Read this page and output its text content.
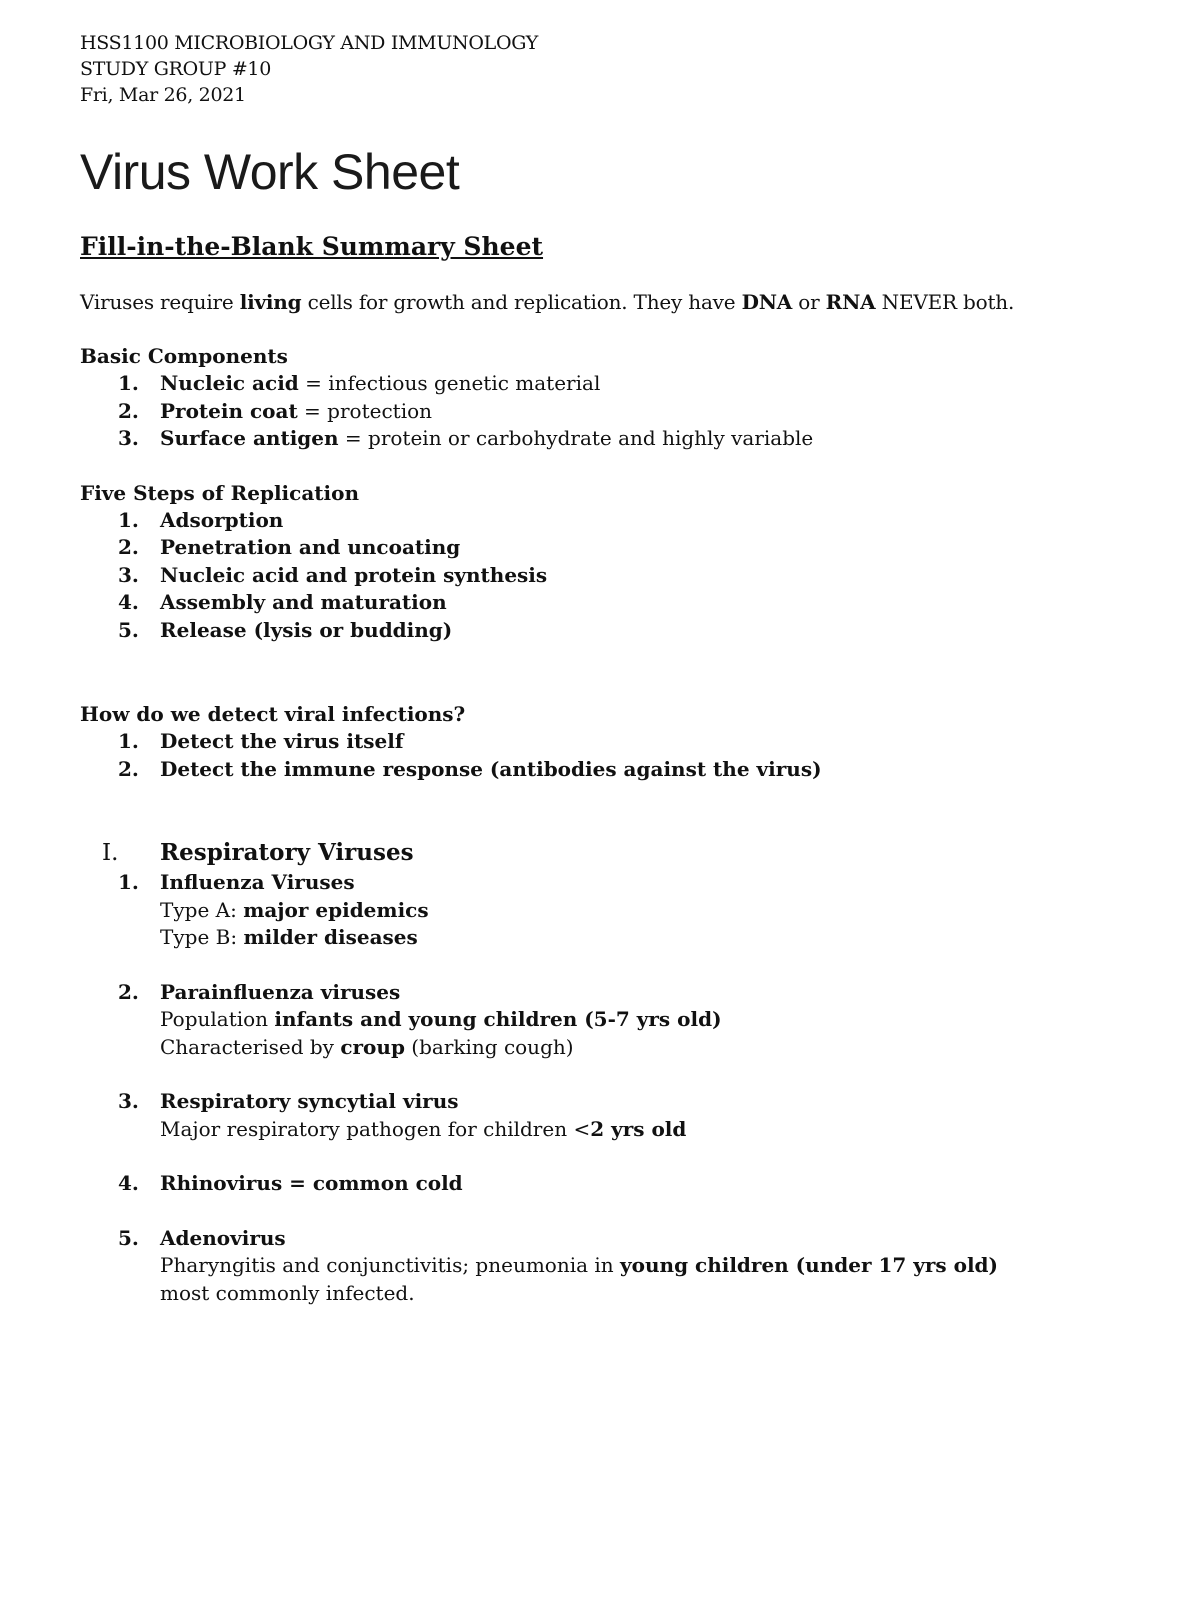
HSS1100 MICROBIOLOGY AND IMMUNOLOGY
STUDY GROUP #10
Fri, Mar 26, 2021
Virus Work Sheet
Fill-in-the-Blank Summary Sheet
Viruses require living cells for growth and replication. They have DNA or RNA NEVER both.
Basic Components
1. Nucleic acid = infectious genetic material
2. Protein coat = protection
3. Surface antigen = protein or carbohydrate and highly variable
Five Steps of Replication
1. Adsorption
2. Penetration and uncoating
3. Nucleic acid and protein synthesis
4. Assembly and maturation
5. Release (lysis or budding)
How do we detect viral infections?
1. Detect the virus itself
2. Detect the immune response (antibodies against the virus)
I. Respiratory Viruses
1. Influenza Viruses
Type A: major epidemics
Type B: milder diseases
2. Parainfluenza viruses
Population infants and young children (5-7 yrs old)
Characterised by croup (barking cough)
3. Respiratory syncytial virus
Major respiratory pathogen for children <2 yrs old
4. Rhinovirus = common cold
5. Adenovirus
Pharyngitis and conjunctivitis; pneumonia in young children (under 17 yrs old)
most commonly infected.
